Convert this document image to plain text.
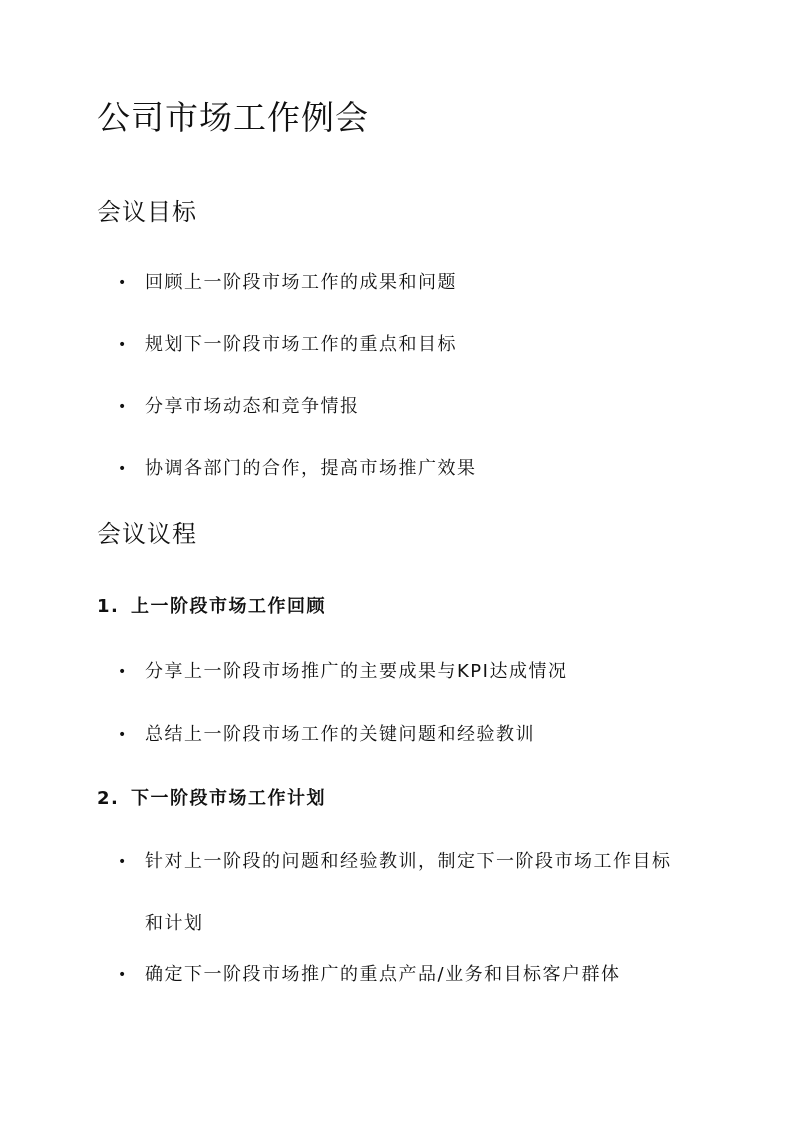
公司市场工作例会
会议目标
• 回顾上一阶段市场工作的成果和问题
• 规划下一阶段市场工作的重点和目标
• 分享市场动态和竞争情报
• 协调各部门的合作，提高市场推广效果
会议议程
1. 上一阶段市场工作回顾
• 分享上一阶段市场推广的主要成果与KPI达成情况
• 总结上一阶段市场工作的关键问题和经验教训
2. 下一阶段市场工作计划
• 针对上一阶段的问题和经验教训，制定下一阶段市场工作目标和计划
• 确定下一阶段市场推广的重点产品/业务和目标客户群体
